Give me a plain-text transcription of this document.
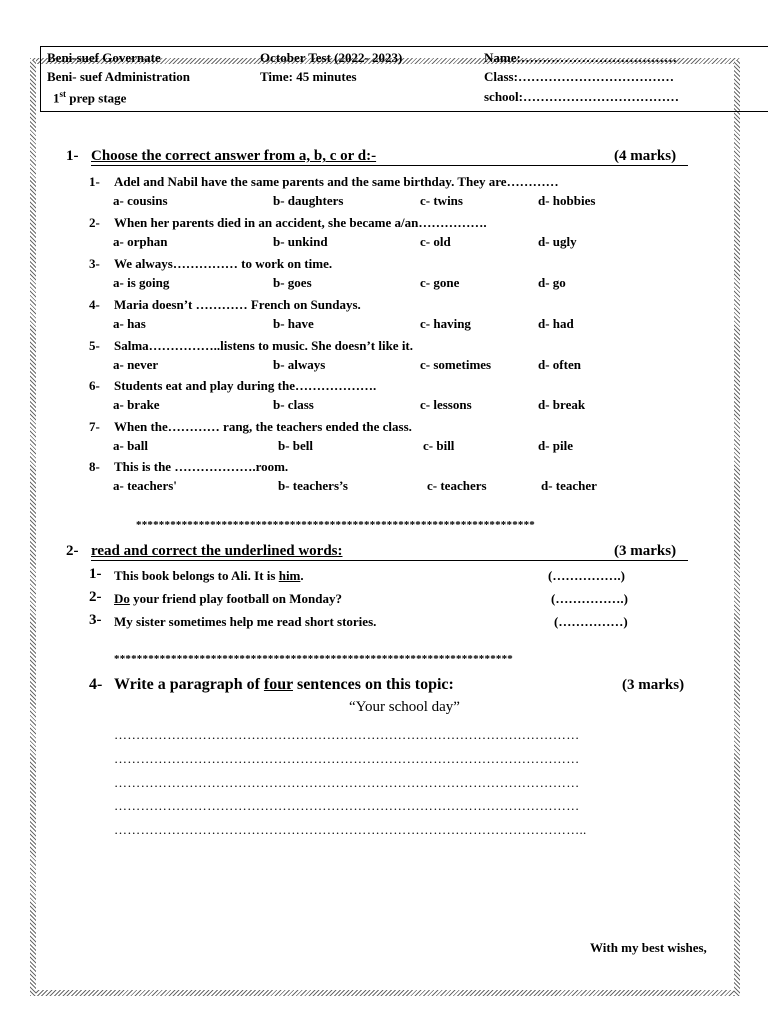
Beni-suef Governate
Beni- suef Administration
1st prep stage
October Test (2022- 2023)
Time: 45 minutes
Name:………………………………
Class:………………………………
school:………………………………
1- Choose the correct answer from a, b, c or d:-	(4 marks)
1- Adel and Nabil have the same parents and the same birthday. They are…………
a- cousins	b- daughters	c- twins	d- hobbies
2- When her parents died in an accident, she became a/an…………….
a- orphan	b- unkind	c- old	d- ugly
3- We always…………… to work on time.
a- is going	b- goes	c- gone	d- go
4- Maria doesn’t ………… French on Sundays.
a- has	b- have	c- having	d- had
5- Salma……………..listens to music. She doesn’t like it.
a- never	b- always	c- sometimes	d- often
6- Students eat and play during the……………….
a- brake	b- class	c- lessons	d- break
7- When the………… rang, the teachers ended the class.
a- ball	b- bell	c- bill	d- pile
8- This is the ……………….room.
a- teachers'	b- teachers’s	c- teachers	d- teacher
**********************************************************************
2- read and correct the underlined words:	(3 marks)
1- This book belongs to Ali. It is him.	(…………….)
2- Do your friend play football on Monday?	(…………….)
3- My sister sometimes help me read short stories.	(……………)
**********************************************************************
4- Write a paragraph of four sentences on this topic:	(3 marks)
“Your school day”
……………………………………………………………………………………………
……………………………………………………………………………………………
……………………………………………………………………………………………
……………………………………………………………………………………………
……………………………………………………………………………………………..
With my best wishes,
